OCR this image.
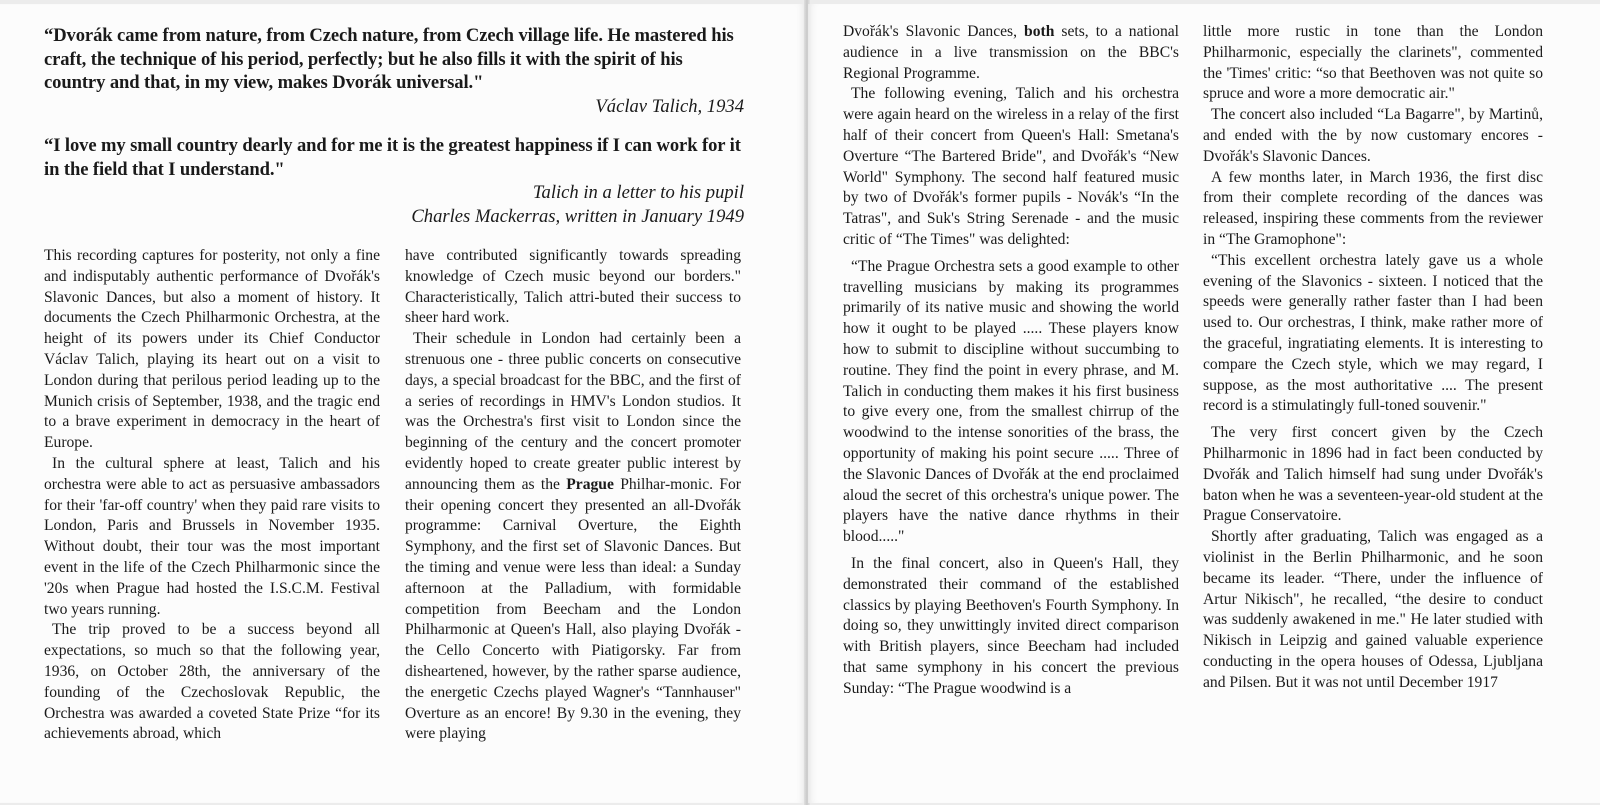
“Dvorák came from nature, from Czech nature, from Czech village life. He mastered his craft, the technique of his period, perfectly; but he also fills it with the spirit of his country and that, in my view, makes Dvorák universal."

Václav Talich, 1934

“I love my small country dearly and for me it is the greatest happiness if I can work for it in the field that I understand."

Talich in a letter to his pupil

Charles Mackerras, written in January 1949

This recording captures for posterity, not only a fine and indisputably authentic performance of Dvořák's Slavonic Dances, but also a moment of history. It documents the Czech Philharmonic Orchestra, at the height of its powers under its Chief Conductor Václav Talich, playing its heart out on a visit to London during that perilous period leading up to the Munich crisis of September, 1938, and the tragic end to a brave experiment in democracy in the heart of Europe.

In the cultural sphere at least, Talich and his orchestra were able to act as persuasive ambassadors for their 'far-off country' when they paid rare visits to London, Paris and Brussels in November 1935. Without doubt, their tour was the most important event in the life of the Czech Philharmonic since the '20s when Prague had hosted the I.S.C.M. Festival two years running.

The trip proved to be a success beyond all expectations, so much so that the following year, 1936, on October 28th, the anniversary of the founding of the Czechoslovak Republic, the Orchestra was awarded a coveted State Prize “for its achievements abroad, which

have contributed significantly towards spreading knowledge of Czech music beyond our borders." Characteristically, Talich attri-buted their success to sheer hard work.

Their schedule in London had certainly been a strenuous one - three public concerts on consecutive days, a special broadcast for the BBC, and the first of a series of recordings in HMV's London studios. It was the Orchestra's first visit to London since the beginning of the century and the concert promoter evidently hoped to create greater public interest by announcing them as the Prague Philhar-monic. For their opening concert they presented an all-Dvořák programme: Carnival Overture, the Eighth Symphony, and the first set of Slavonic Dances. But the timing and venue were less than ideal: a Sunday afternoon at the Palladium, with formidable competition from Beecham and the London Philharmonic at Queen's Hall, also playing Dvořák - the Cello Concerto with Piatigorsky. Far from disheartened, however, by the rather sparse audience, the energetic Czechs played Wagner's “Tannhauser" Overture as an encore! By 9.30 in the evening, they were playing

Dvořák's Slavonic Dances, both sets, to a national audience in a live transmission on the BBC's Regional Programme.

The following evening, Talich and his orchestra were again heard on the wireless in a relay of the first half of their concert from Queen's Hall: Smetana's Overture “The Bartered Bride", and Dvořák's “New World" Symphony. The second half featured music by two of Dvořák's former pupils - Novák's “In the Tatras", and Suk's String Serenade - and the music critic of “The Times" was delighted:

“The Prague Orchestra sets a good example to other travelling musicians by making its programmes primarily of its native music and showing the world how it ought to be played ..... These players know how to submit to discipline without succumbing to routine. They find the point in every phrase, and M. Talich in conducting them makes it his first business to give every one, from the smallest chirrup of the woodwind to the intense sonorities of the brass, the opportunity of making his point secure ..... Three of the Slavonic Dances of Dvořák at the end proclaimed aloud the secret of this orchestra's unique power. The players have the native dance rhythms in their blood....."

In the final concert, also in Queen's Hall, they demonstrated their command of the established classics by playing Beethoven's Fourth Symphony. In doing so, they unwittingly invited direct comparison with British players, since Beecham had included that same symphony in his concert the previous Sunday: “The Prague woodwind is a

little more rustic in tone than the London Philharmonic, especially the clarinets", commented the 'Times' critic: “so that Beethoven was not quite so spruce and wore a more democratic air."

The concert also included “La Bagarre", by Martinů, and ended with the by now customary encores - Dvořák's Slavonic Dances.

A few months later, in March 1936, the first disc from their complete recording of the dances was released, inspiring these comments from the reviewer in “The Gramophone":

“This excellent orchestra lately gave us a whole evening of the Slavonics - sixteen. I noticed that the speeds were generally rather faster than I had been used to. Our orchestras, I think, make rather more of the graceful, ingratiating elements. It is interesting to compare the Czech style, which we may regard, I suppose, as the most authoritative .... The present record is a stimulatingly full-toned souvenir."

The very first concert given by the Czech Philharmonic in 1896 had in fact been conducted by Dvořák and Talich himself had sung under Dvořák's baton when he was a seventeen-year-old student at the Prague Conservatoire.

Shortly after graduating, Talich was engaged as a violinist in the Berlin Philharmonic, and he soon became its leader. “There, under the influence of Artur Nikisch", he recalled, “the desire to conduct was suddenly awakened in me." He later studied with Nikisch in Leipzig and gained valuable experience conducting in the opera houses of Odessa, Ljubljana and Pilsen. But it was not until December 1917
